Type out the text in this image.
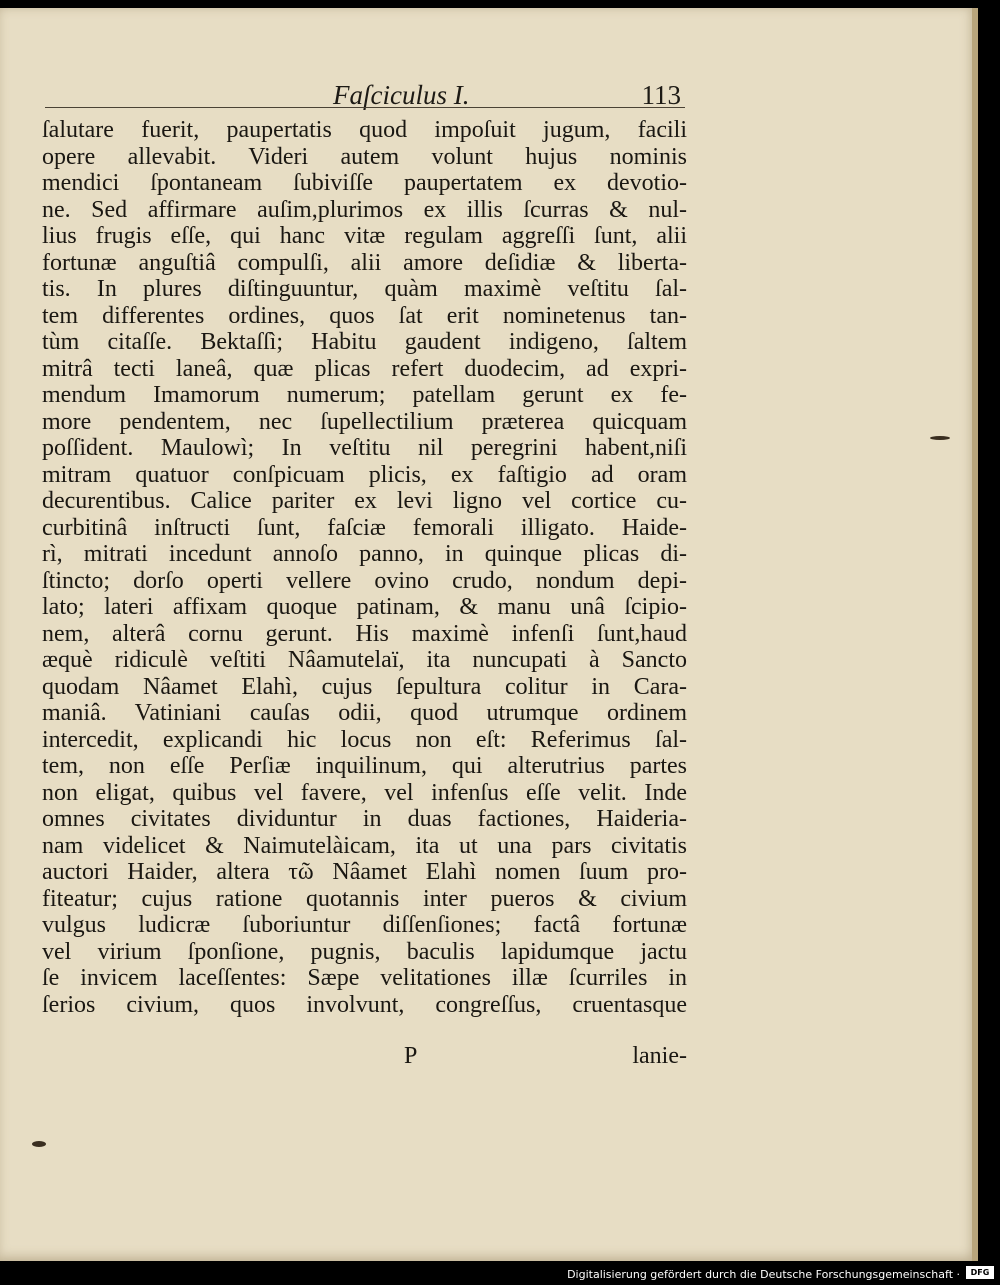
Faſciculus I.	113
ſalutare fuerit, paupertatis quod impoſuit jugum, facili
opere allevabit. Videri autem volunt hujus nominis
mendici ſpontaneam ſubiviſſe paupertatem ex devotio-
ne. Sed affirmare auſim,plurimos ex illis ſcurras & nul-
lius frugis eſſe, qui hanc vitæ regulam aggreſſi ſunt, alii
fortunæ anguſtiâ compulſi, alii amore deſidiæ & liberta-
tis. In plures diſtinguuntur, quàm maximè veſtitu ſal-
tem differentes ordines, quos ſat erit nominetenus tan-
tùm citaſſe. Bektaſſì; Habitu gaudent indigeno, ſaltem
mitrâ tecti laneâ, quæ plicas refert duodecim, ad expri-
mendum Imamorum numerum; patellam gerunt ex fe-
more pendentem, nec ſupellectilium præterea quicquam
poſſident. Maulowì; In veſtitu nil peregrini habent,niſi
mitram quatuor conſpicuam plicis, ex faſtigio ad oram
decurentibus. Calice pariter ex levi ligno vel cortice cu-
curbitinâ inſtructi ſunt, faſciæ femorali illigato. Haide-
rì, mitrati incedunt annoſo panno, in quinque plicas di-
ſtincto; dorſo operti vellere ovino crudo, nondum depi-
lato; lateri affixam quoque patinam, & manu unâ ſcipio-
nem, alterâ cornu gerunt. His maximè infenſi ſunt,haud
æquè ridiculè veſtiti Nâamutelaï, ita nuncupati à Sancto
quodam Nâamet Elahì, cujus ſepultura colitur in Cara-
maniâ. Vatiniani cauſas odii, quod utrumque ordinem
intercedit, explicandi hic locus non eſt: Referimus ſal-
tem, non eſſe Perſiæ inquilinum, qui alterutrius partes
non eligat, quibus vel favere, vel infenſus eſſe velit. Inde
omnes civitates dividuntur in duas factiones, Haideria-
nam videlicet & Naimutelàicam, ita ut una pars civitatis
auctori Haider, altera τῶ Nâamet Elahì nomen ſuum pro-
fiteatur; cujus ratione quotannis inter pueros & civium
vulgus ludicræ ſuboriuntur diſſenſiones; factâ fortunæ
vel virium ſponſione, pugnis, baculis lapidumque jactu
ſe invicem laceſſentes: Sæpe velitationes illæ ſcurriles in
ſerios civium, quos involvunt, congreſſus, cruentasque
P	lanie-
Digitalisierung gefördert durch die Deutsche Forschungsgemeinschaft ·	DFG
